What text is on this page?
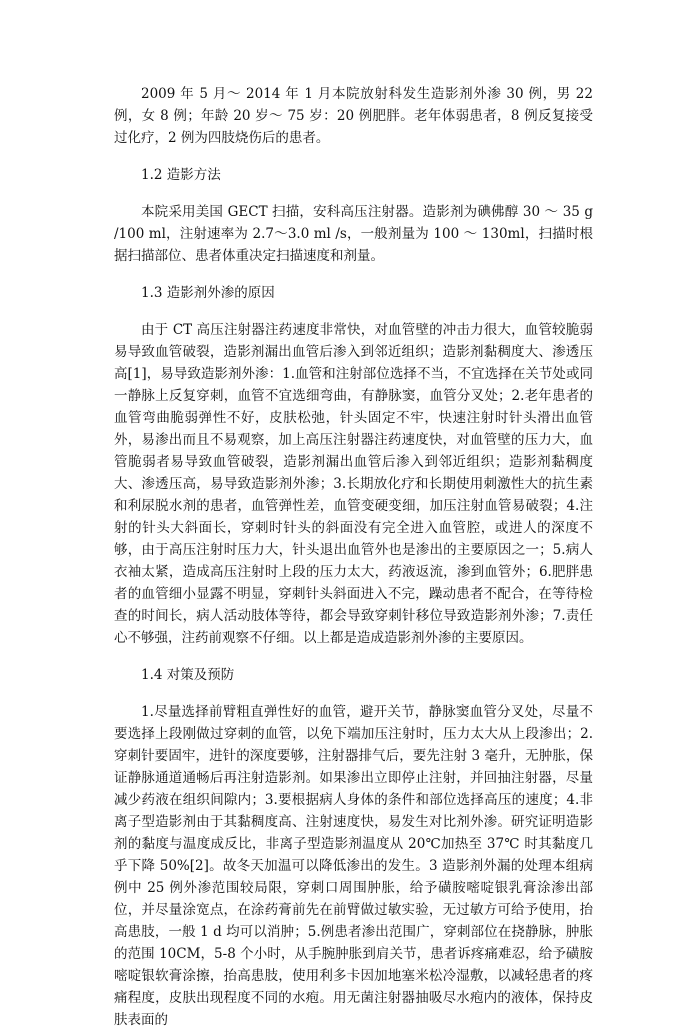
2009 年 5 月～ 2014 年 1 月本院放射科发生造影剂外渗 30 例，男 22 例，女 8 例；年龄 20 岁～ 75 岁：20 例肥胖。老年体弱患者，8 例反复接受过化疗，2 例为四肢烧伤后的患者。

1.2 造影方法

本院采用美国 GECT 扫描，安科高压注射器。造影剂为碘佛醇 30 ～ 35 g /100 ml，注射速率为 2.7～3.0 ml /s，一般剂量为 100 ～ 130ml，扫描时根据扫描部位、患者体重决定扫描速度和剂量。

1.3 造影剂外渗的原因

由于 CT 高压注射器注药速度非常快，对血管壁的冲击力很大，血管较脆弱易导致血管破裂，造影剂漏出血管后渗入到邻近组织；造影剂黏稠度大、渗透压高[1]，易导致造影剂外渗：1.血管和注射部位选择不当，不宜选择在关节处或同一静脉上反复穿刺，血管不宜选细弯曲，有静脉窦，血管分叉处；2.老年患者的血管弯曲脆弱弹性不好，皮肤松弛，针头固定不牢，快速注射时针头滑出血管外，易渗出而且不易观察，加上高压注射器注药速度快，对血管壁的压力大，血管脆弱者易导致血管破裂，造影剂漏出血管后渗入到邻近组织；造影剂黏稠度大、渗透压高，易导致造影剂外渗；3.长期放化疗和长期使用刺激性大的抗生素和利尿脱水剂的患者，血管弹性差，血管变硬变细，加压注射血管易破裂；4.注射的针头大斜面长，穿刺时针头的斜面没有完全进入血管腔，或进人的深度不够，由于高压注射时压力大，针头退出血管外也是渗出的主要原因之一；5.病人衣袖太紧，造成高压注射时上段的压力太大，药液返流，渗到血管外；6.肥胖患者的血管细小显露不明显，穿刺针头斜面进入不完，躁动患者不配合，在等待检查的时间长，病人活动肢体等待，都会导致穿刺针移位导致造影剂外渗；7.责任心不够强，注药前观察不仔细。以上都是造成造影剂外渗的主要原因。

1.4 对策及预防

1.尽量选择前臂粗直弹性好的血管，避开关节，静脉窦血管分叉处，尽量不要选择上段刚做过穿刺的血管，以免下端加压注射时，压力太大从上段渗出；2.穿刺针要固牢，进针的深度要够，注射器排气后，要先注射 3 毫升，无肿胀，保证静脉通道通畅后再注射造影剂。如果渗出立即停止注射，并回抽注射器，尽量减少药液在组织间隙内；3.要根据病人身体的条件和部位选择高压的速度；4.非离子型造影剂由于其黏稠度高、注射速度快，易发生对比剂外渗。研究证明造影剂的黏度与温度成反比，非离子型造影剂温度从 20℃加热至 37℃ 时其黏度几乎下降 50%[2]。故冬天加温可以降低渗出的发生。3 造影剂外漏的处理本组病例中 25 例外渗范围较局限，穿刺口周围肿胀，给予磺胺嘧啶银乳膏涂渗出部位，并尽量涂宽点，在涂药膏前先在前臂做过敏实验，无过敏方可给予使用，抬高患肢，一般 1 d 均可以消肿；5.例患者渗出范围广，穿刺部位在挠静脉，肿胀的范围 10CM，5-8 个小时，从手腕肿胀到肩关节，患者诉疼痛难忍，给予磺胺嘧啶银软膏涂擦，抬高患肢，使用利多卡因加地塞米松冷湿敷，以减轻患者的疼痛程度，皮肤出现程度不同的水疱。用无菌注射器抽吸尽水疱内的液体，保持皮肤表面的
